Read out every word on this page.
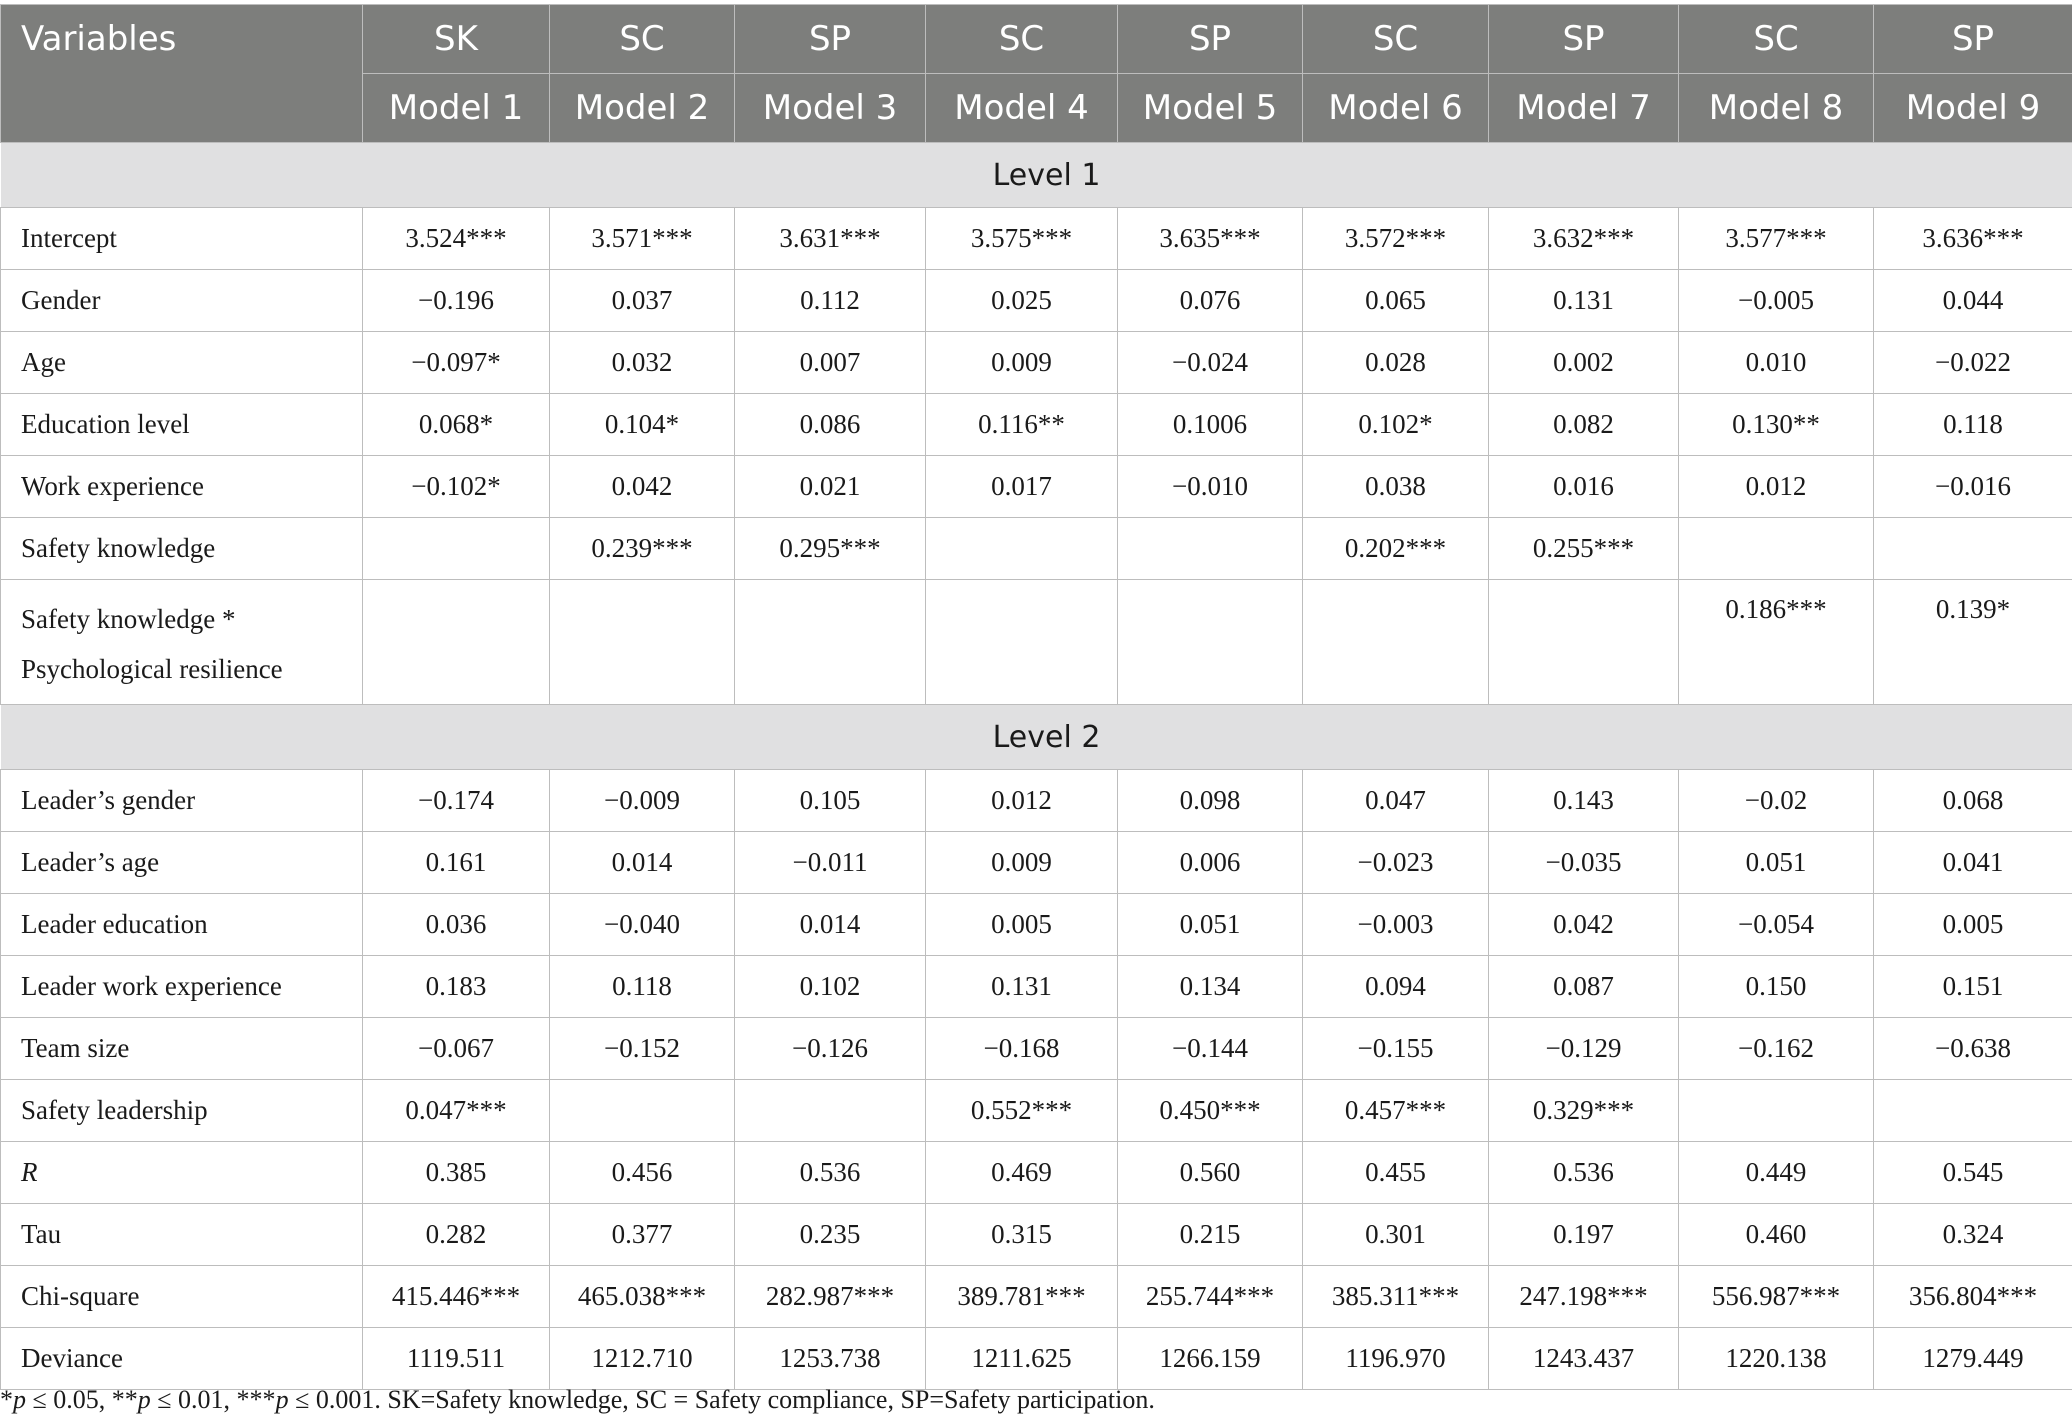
Variables	SK	SC	SP	SC	SP	SC	SP	SC	SP
	Model 1	Model 2	Model 3	Model 4	Model 5	Model 6	Model 7	Model 8	Model 9
Level 1									
Intercept	3.524***	3.571***	3.631***	3.575***	3.635***	3.572***	3.632***	3.577***	3.636***
Gender	−0.196	0.037	0.112	0.025	0.076	0.065	0.131	−0.005	0.044
Age	−0.097*	0.032	0.007	0.009	−0.024	0.028	0.002	0.010	−0.022
Education level	0.068*	0.104*	0.086	0.116**	0.1006	0.102*	0.082	0.130**	0.118
Work experience	−0.102*	0.042	0.021	0.017	−0.010	0.038	0.016	0.012	−0.016
Safety knowledge		0.239***	0.295***			0.202***	0.255***		
Safety knowledge *
Psychological resilience								0.186***	0.139*
Level 2									
Leader’s gender	−0.174	−0.009	0.105	0.012	0.098	0.047	0.143	−0.02	0.068
Leader’s age	0.161	0.014	−0.011	0.009	0.006	−0.023	−0.035	0.051	0.041
Leader education	0.036	−0.040	0.014	0.005	0.051	−0.003	0.042	−0.054	0.005
Leader work experience	0.183	0.118	0.102	0.131	0.134	0.094	0.087	0.150	0.151
Team size	−0.067	−0.152	−0.126	−0.168	−0.144	−0.155	−0.129	−0.162	−0.638
Safety leadership	0.047***			0.552***	0.450***	0.457***	0.329***		
R	0.385	0.456	0.536	0.469	0.560	0.455	0.536	0.449	0.545
Tau	0.282	0.377	0.235	0.315	0.215	0.301	0.197	0.460	0.324
Chi-square	415.446***	465.038***	282.987***	389.781***	255.744***	385.311***	247.198***	556.987***	356.804***
Deviance	1119.511	1212.710	1253.738	1211.625	1266.159	1196.970	1243.437	1220.138	1279.449
*p ≤ 0.05, **p ≤ 0.01, ***p ≤ 0.001. SK=Safety knowledge, SC = Safety compliance, SP=Safety participation.
